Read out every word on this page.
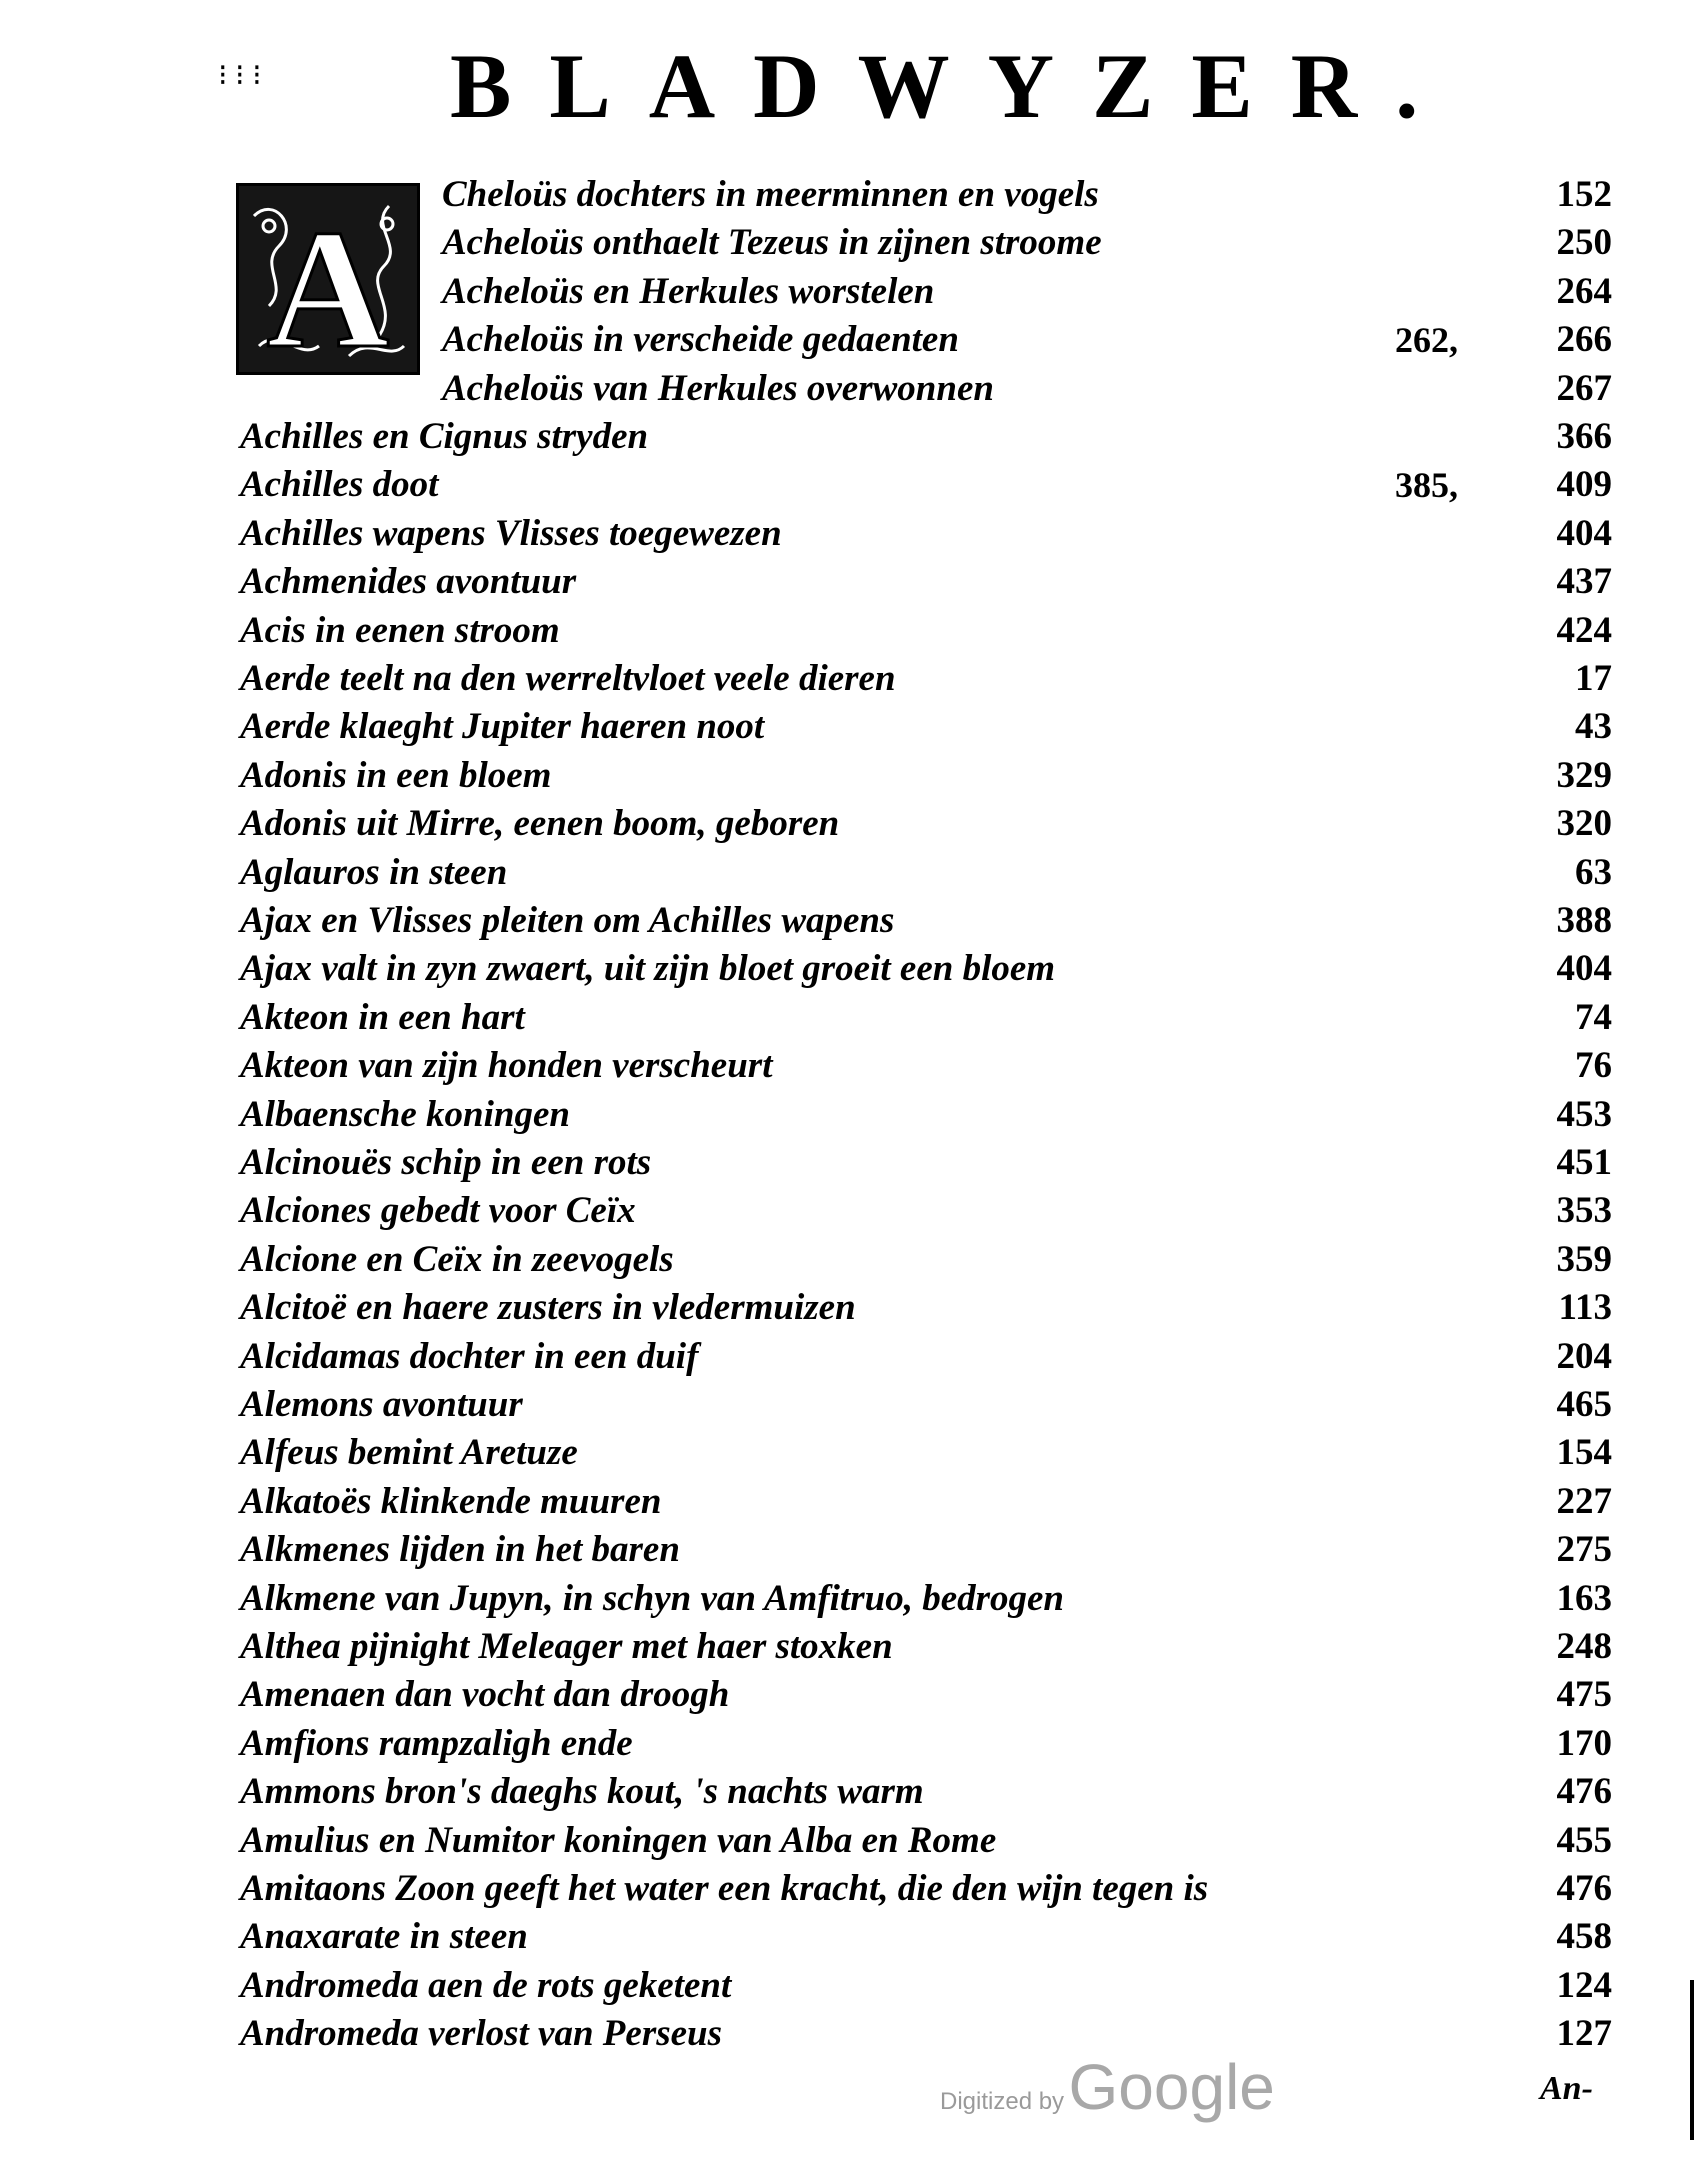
⁝ ⁝ ⁝ BLADWYZER.
A
Cheloüs dochters in meerminnen en vogels	152
Acheloüs onthaelt Tezeus in zijnen stroome	250
Acheloüs en Herkules worstelen	264
Acheloüs in verscheide gedaenten	262,	266
Acheloüs van Herkules overwonnen	267
Achilles en Cignus stryden	366
Achilles doot	385,	409
Achilles wapens Vlisses toegewezen	404
Achmenides avontuur	437
Acis in eenen stroom	424
Aerde teelt na den werreltvloet veele dieren	17
Aerde klaeght Jupiter haeren noot	43
Adonis in een bloem	329
Adonis uit Mirre, eenen boom, geboren	320
Aglauros in steen	63
Ajax en Vlisses pleiten om Achilles wapens	388
Ajax valt in zyn zwaert, uit zijn bloet groeit een bloem	404
Akteon in een hart	74
Akteon van zijn honden verscheurt	76
Albaensche koningen	453
Alcinouës schip in een rots	451
Alciones gebedt voor Ceïx	353
Alcione en Ceïx in zeevogels	359
Alcitoë en haere zusters in vledermuizen	113
Alcidamas dochter in een duif	204
Alemons avontuur	465
Alfeus bemint Aretuze	154
Alkatoës klinkende muuren	227
Alkmenes lijden in het baren	275
Alkmene van Jupyn, in schyn van Amfitruo, bedrogen	163
Althea pijnight Meleager met haer stoxken	248
Amenaen dan vocht dan droogh	475
Amfions rampzaligh ende	170
Ammons bron's daeghs kout, 's nachts warm	476
Amulius en Numitor koningen van Alba en Rome	455
Amitaons Zoon geeft het water een kracht, die den wijn tegen is	476
Anaxarate in steen	458
Andromeda aen de rots geketent	124
Andromeda verlost van Perseus	127
Digitized by Google	An-
